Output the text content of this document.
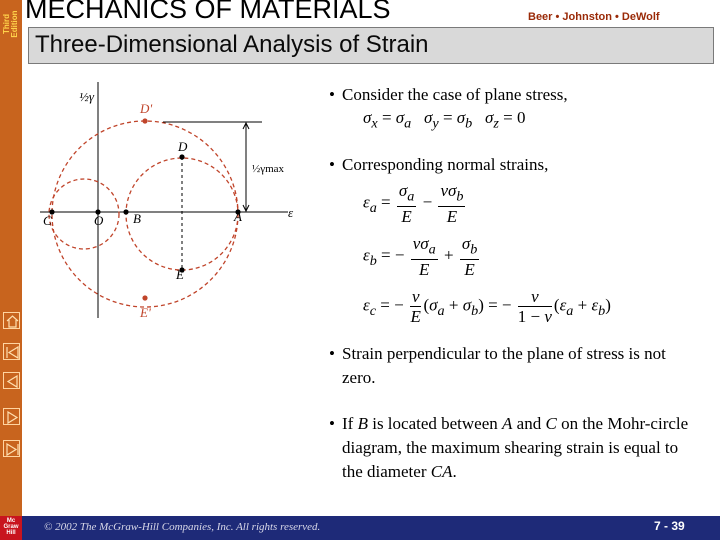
Third Edition
Mc Graw Hill
MECHANICS OF MATERIALS	Beer • Johnston • DeWolf
Three-Dimensional Analysis of Strain
½γ
ε
½γmax
D'
D
C	O B	A
E
E'
• Consider the case of plane stress,
$\sigma_x = \sigma_a$ $\sigma_y = \sigma_b$ $\sigma_z = 0$
• Corresponding normal strains,
$\varepsilon_a = \frac{\sigma_a}{E} - \frac{\nu\sigma_b}{E}$
$\varepsilon_b$ = − $\frac{\nu\sigma_a}{E} + \frac{\sigma_b}{E}$
$\varepsilon_c$ = − $\frac{\nu}{E} (\sigma_a + \sigma_b)$ = − $\frac{\nu}{1 - \nu} (\varepsilon_a + \varepsilon_b)$
• Strain perpendicular to the plane of stress is not zero.
• If B is located between A and C on the Mohr-circle diagram, the maximum shearing strain is equal to the diameter CA.
© 2002 The McGraw-Hill Companies, Inc. All rights reserved.	7 - 39
